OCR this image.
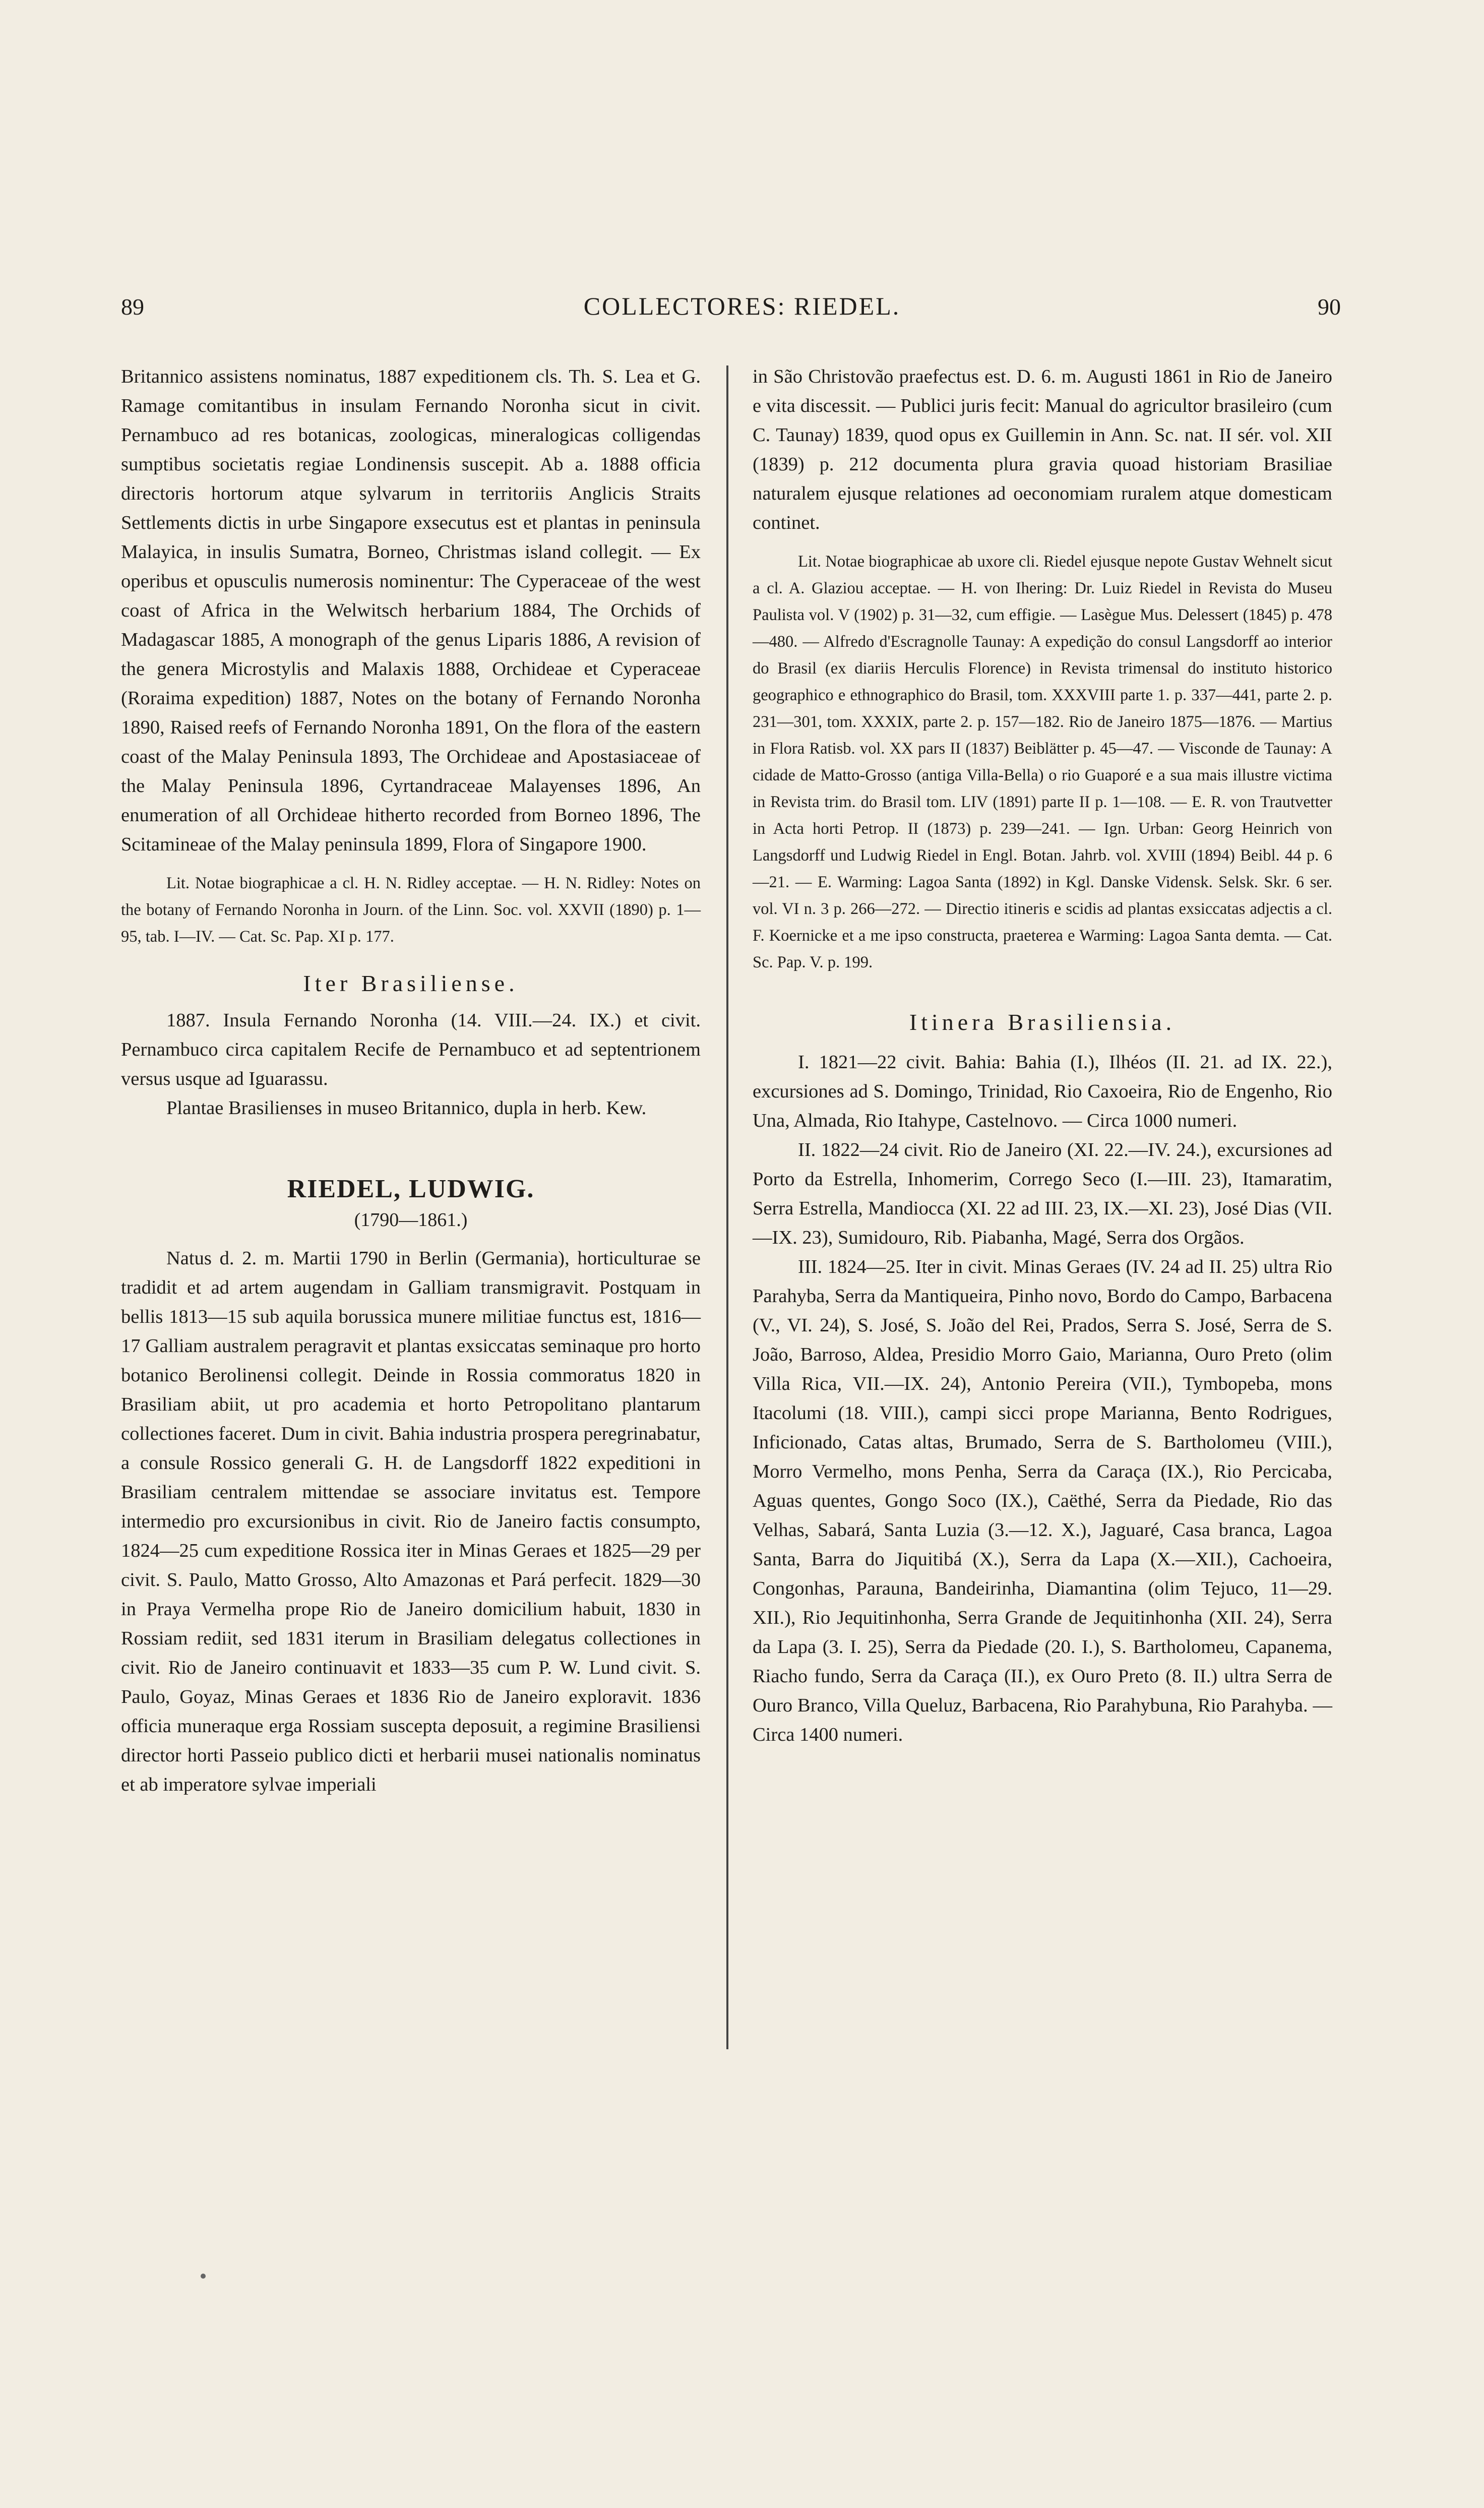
89	COLLECTORES: RIEDEL.	90

Britannico assistens nominatus, 1887 expeditionem cls. Th. S. Lea et G. Ramage comitantibus in insulam Fernando Noronha sicut in civit. Pernambuco ad res botanicas, zoologicas, mineralogicas colligendas sumptibus societatis regiae Londinensis suscepit. Ab a. 1888 officia directoris hortorum atque sylvarum in territoriis Anglicis Straits Settlements dictis in urbe Singapore exsecutus est et plantas in peninsula Malayica, in insulis Sumatra, Borneo, Christmas island collegit. — Ex operibus et opusculis numerosis nominentur: The Cyperaceae of the west coast of Africa in the Welwitsch herbarium 1884, The Orchids of Madagascar 1885, A monograph of the genus Liparis 1886, A revision of the genera Microstylis and Malaxis 1888, Orchideae et Cyperaceae (Roraima expedition) 1887, Notes on the botany of Fernando Noronha 1890, Raised reefs of Fernando Noronha 1891, On the flora of the eastern coast of the Malay Peninsula 1893, The Orchideae and Apostasiaceae of the Malay Peninsula 1896, Cyrtandraceae Malayenses 1896, An enumeration of all Orchideae hitherto recorded from Borneo 1896, The Scitamineae of the Malay peninsula 1899, Flora of Singapore 1900.

Lit. Notae biographicae a cl. H. N. Ridley acceptae. — H. N. Ridley: Notes on the botany of Fernando Noronha in Journ. of the Linn. Soc. vol. XXVII (1890) p. 1—95, tab. I—IV. — Cat. Sc. Pap. XI p. 177.

Iter Brasiliense.

1887. Insula Fernando Noronha (14. VIII.—24. IX.) et civit. Pernambuco circa capitalem Recife de Pernambuco et ad septentrionem versus usque ad Iguarassu.

Plantae Brasilienses in museo Britannico, dupla in herb. Kew.

RIEDEL, LUDWIG.

(1790—1861.)

Natus d. 2. m. Martii 1790 in Berlin (Germania), horticulturae se tradidit et ad artem augendam in Galliam transmigravit. Postquam in bellis 1813—15 sub aquila borussica munere militiae functus est, 1816—17 Galliam australem peragravit et plantas exsiccatas seminaque pro horto botanico Berolinensi collegit. Deinde in Rossia commoratus 1820 in Brasiliam abiit, ut pro academia et horto Petropolitano plantarum collectiones faceret. Dum in civit. Bahia industria prospera peregrinabatur, a consule Rossico generali G. H. de Langsdorff 1822 expeditioni in Brasiliam centralem mittendae se associare invitatus est. Tempore intermedio pro excursionibus in civit. Rio de Janeiro factis consumpto, 1824—25 cum expeditione Rossica iter in Minas Geraes et 1825—29 per civit. S. Paulo, Matto Grosso, Alto Amazonas et Pará perfecit. 1829—30 in Praya Vermelha prope Rio de Janeiro domicilium habuit, 1830 in Rossiam rediit, sed 1831 iterum in Brasiliam delegatus collectiones in civit. Rio de Janeiro continuavit et 1833—35 cum P. W. Lund civit. S. Paulo, Goyaz, Minas Geraes et 1836 Rio de Janeiro exploravit. 1836 officia muneraque erga Rossiam suscepta deposuit, a regimine Brasiliensi director horti Passeio publico dicti et herbarii musei nationalis nominatus et ab imperatore sylvae imperiali

in São Christovão praefectus est. D. 6. m. Augusti 1861 in Rio de Janeiro e vita discessit. — Publici juris fecit: Manual do agricultor brasileiro (cum C. Taunay) 1839, quod opus ex Guillemin in Ann. Sc. nat. II sér. vol. XII (1839) p. 212 documenta plura gravia quoad historiam Brasiliae naturalem ejusque relationes ad oeconomiam ruralem atque domesticam continet.

Lit. Notae biographicae ab uxore cli. Riedel ejusque nepote Gustav Wehnelt sicut a cl. A. Glaziou acceptae. — H. von Ihering: Dr. Luiz Riedel in Revista do Museu Paulista vol. V (1902) p. 31—32, cum effigie. — Lasègue Mus. Delessert (1845) p. 478—480. — Alfredo d'Escragnolle Taunay: A expedição do consul Langsdorff ao interior do Brasil (ex diariis Herculis Florence) in Revista trimensal do instituto historico geographico e ethnographico do Brasil, tom. XXXVIII parte 1. p. 337—441, parte 2. p. 231—301, tom. XXXIX, parte 2. p. 157—182. Rio de Janeiro 1875—1876. — Martius in Flora Ratisb. vol. XX pars II (1837) Beiblätter p. 45—47. — Visconde de Taunay: A cidade de Matto-Grosso (antiga Villa-Bella) o rio Guaporé e a sua mais illustre victima in Revista trim. do Brasil tom. LIV (1891) parte II p. 1—108. — E. R. von Trautvetter in Acta horti Petrop. II (1873) p. 239—241. — Ign. Urban: Georg Heinrich von Langsdorff und Ludwig Riedel in Engl. Botan. Jahrb. vol. XVIII (1894) Beibl. 44 p. 6—21. — E. Warming: Lagoa Santa (1892) in Kgl. Danske Vidensk. Selsk. Skr. 6 ser. vol. VI n. 3 p. 266—272. — Directio itineris e scidis ad plantas exsiccatas adjectis a cl. F. Koernicke et a me ipso constructa, praeterea e Warming: Lagoa Santa demta. — Cat. Sc. Pap. V. p. 199.

Itinera Brasiliensia.

I. 1821—22 civit. Bahia: Bahia (I.), Ilhéos (II. 21. ad IX. 22.), excursiones ad S. Domingo, Trinidad, Rio Caxoeira, Rio de Engenho, Rio Una, Almada, Rio Itahype, Castelnovo. — Circa 1000 numeri.

II. 1822—24 civit. Rio de Janeiro (XI. 22.—IV. 24.), excursiones ad Porto da Estrella, Inhomerim, Corrego Seco (I.—III. 23), Itamaratim, Serra Estrella, Mandiocca (XI. 22 ad III. 23, IX.—XI. 23), José Dias (VII.—IX. 23), Sumidouro, Rib. Piabanha, Magé, Serra dos Orgãos.

III. 1824—25. Iter in civit. Minas Geraes (IV. 24 ad II. 25) ultra Rio Parahyba, Serra da Mantiqueira, Pinho novo, Bordo do Campo, Barbacena (V., VI. 24), S. José, S. João del Rei, Prados, Serra S. José, Serra de S. João, Barroso, Aldea, Presidio Morro Gaio, Marianna, Ouro Preto (olim Villa Rica, VII.—IX. 24), Antonio Pereira (VII.), Tymbopeba, mons Itacolumi (18. VIII.), campi sicci prope Marianna, Bento Rodrigues, Inficionado, Catas altas, Brumado, Serra de S. Bartholomeu (VIII.), Morro Vermelho, mons Penha, Serra da Caraça (IX.), Rio Percicaba, Aguas quentes, Gongo Soco (IX.), Caëthé, Serra da Piedade, Rio das Velhas, Sabará, Santa Luzia (3.—12. X.), Jaguaré, Casa branca, Lagoa Santa, Barra do Jiquitibá (X.), Serra da Lapa (X.—XII.), Cachoeira, Congonhas, Parauna, Bandeirinha, Diamantina (olim Tejuco, 11—29. XII.), Rio Jequitinhonha, Serra Grande de Jequitinhonha (XII. 24), Serra da Lapa (3. I. 25), Serra da Piedade (20. I.), S. Bartholomeu, Capanema, Riacho fundo, Serra da Caraça (II.), ex Ouro Preto (8. II.) ultra Serra de Ouro Branco, Villa Queluz, Barbacena, Rio Parahybuna, Rio Parahyba. — Circa 1400 numeri.
